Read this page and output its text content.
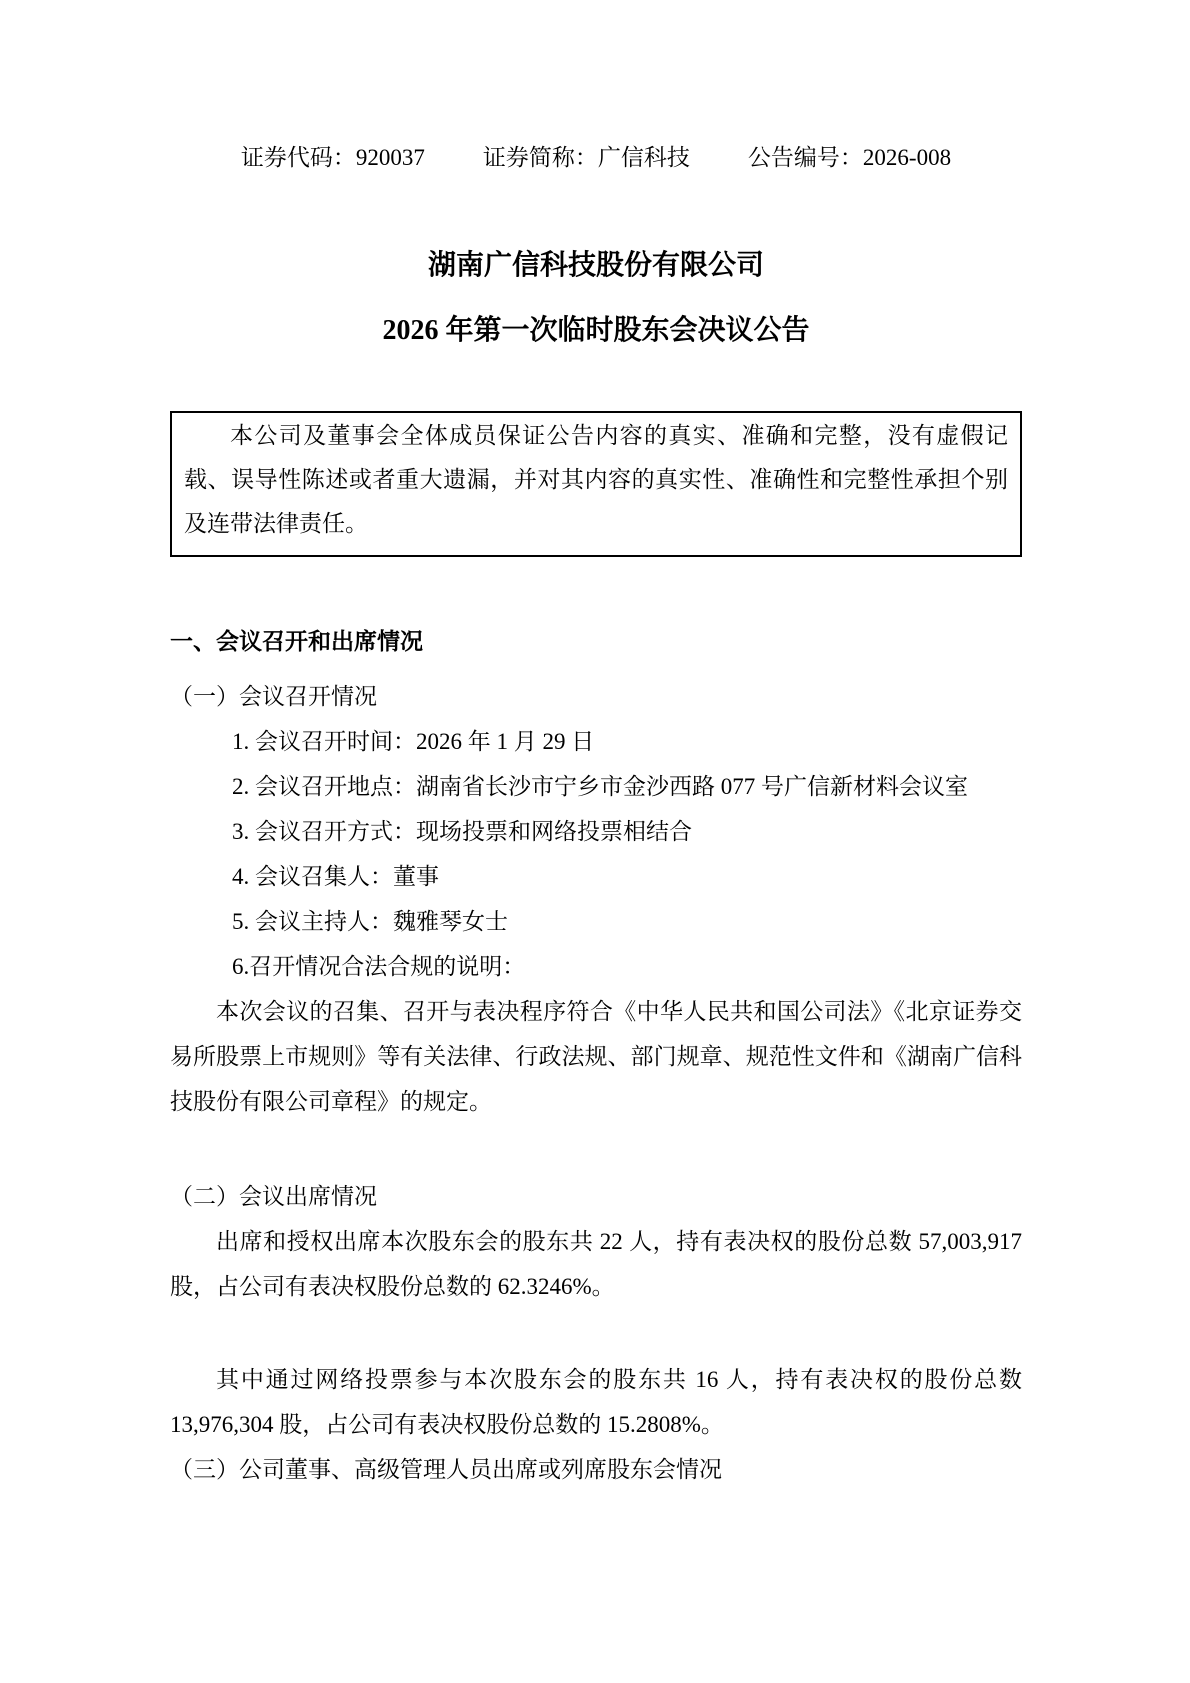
证券代码：920037	证券简称：广信科技	公告编号：2026-008
湖南广信科技股份有限公司
2026 年第一次临时股东会决议公告
本公司及董事会全体成员保证公告内容的真实、准确和完整，没有虚假记载、误导性陈述或者重大遗漏，并对其内容的真实性、准确性和完整性承担个别及连带法律责任。
一、会议召开和出席情况
（一）会议召开情况
1. 会议召开时间：2026 年 1 月 29 日
2. 会议召开地点：湖南省长沙市宁乡市金沙西路 077 号广信新材料会议室
3. 会议召开方式：现场投票和网络投票相结合
4. 会议召集人：董事
5. 会议主持人：魏雅琴女士
6.召开情况合法合规的说明：
本次会议的召集、召开与表决程序符合《中华人民共和国公司法》《北京证券交易所股票上市规则》等有关法律、行政法规、部门规章、规范性文件和《湖南广信科技股份有限公司章程》的规定。
（二）会议出席情况
出席和授权出席本次股东会的股东共 22 人，持有表决权的股份总数 57,003,917 股，占公司有表决权股份总数的 62.3246%。
其中通过网络投票参与本次股东会的股东共 16 人，持有表决权的股份总数 13,976,304 股，占公司有表决权股份总数的 15.2808%。
（三）公司董事、高级管理人员出席或列席股东会情况
